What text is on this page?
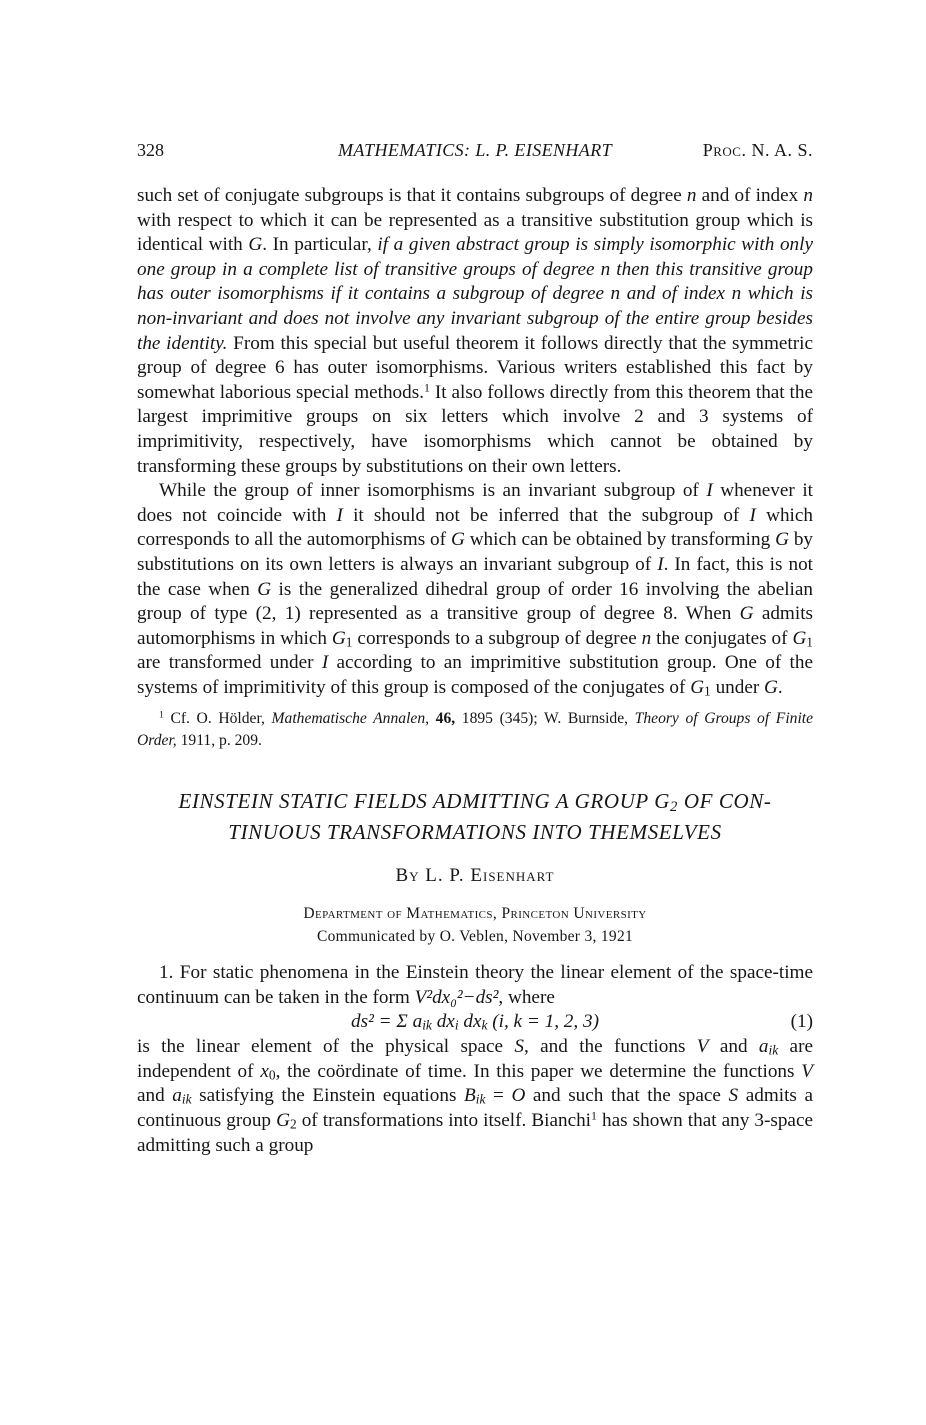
328	MATHEMATICS: L. P. EISENHART	Proc. N. A. S.

such set of conjugate subgroups is that it contains subgroups of degree n and of index n with respect to which it can be represented as a transitive substitution group which is identical with G. In particular, if a given abstract group is simply isomorphic with only one group in a complete list of transitive groups of degree n then this transitive group has outer isomorphisms if it contains a subgroup of degree n and of index n which is non-invariant and does not involve any invariant subgroup of the entire group besides the identity. From this special but useful theorem it follows directly that the symmetric group of degree 6 has outer isomorphisms. Various writers established this fact by somewhat laborious special methods.$^1$ It also follows directly from this theorem that the largest imprimitive groups on six letters which involve 2 and 3 systems of imprimitivity, respectively, have isomorphisms which cannot be obtained by transforming these groups by substitutions on their own letters.

While the group of inner isomorphisms is an invariant subgroup of I whenever it does not coincide with I it should not be inferred that the subgroup of I which corresponds to all the automorphisms of G which can be obtained by transforming G by substitutions on its own letters is always an invariant subgroup of I. In fact, this is not the case when G is the generalized dihedral group of order 16 involving the abelian group of type (2, 1) represented as a transitive group of degree 8. When G admits automorphisms in which $G_1$ corresponds to a subgroup of degree n the conjugates of $G_1$ are transformed under I according to an imprimitive substitution group. One of the systems of imprimitivity of this group is composed of the conjugates of $G_1$ under G.

$^1$ Cf. O. Hölder, Mathematische Annalen, 46, 1895 (345); W. Burnside, Theory of Groups of Finite Order, 1911, p. 209.
EINSTEIN STATIC FIELDS ADMITTING A GROUP $G_2$ OF CON-
TINUOUS TRANSFORMATIONS INTO THEMSELVES
By L. P. Eisenhart
Department of Mathematics, Princeton University
Communicated by O. Veblen, November 3, 1921

1. For static phenomena in the Einstein theory the linear element of the space-time continuum can be taken in the form V²dx₀²−ds², where

ds² = Σ $a_{ik}$ $dx_i$ $dx_k$ (i, k = 1, 2, 3)	(1)

is the linear element of the physical space S, and the functions V and $a_{ik}$ are independent of $x_0$, the coördinate of time. In this paper we determine the functions V and $a_{ik}$ satisfying the Einstein equations $B_{ik} = O$ and such that the space S admits a continuous group $G_2$ of transformations into itself. Bianchi$^1$ has shown that any 3-space admitting such a group
